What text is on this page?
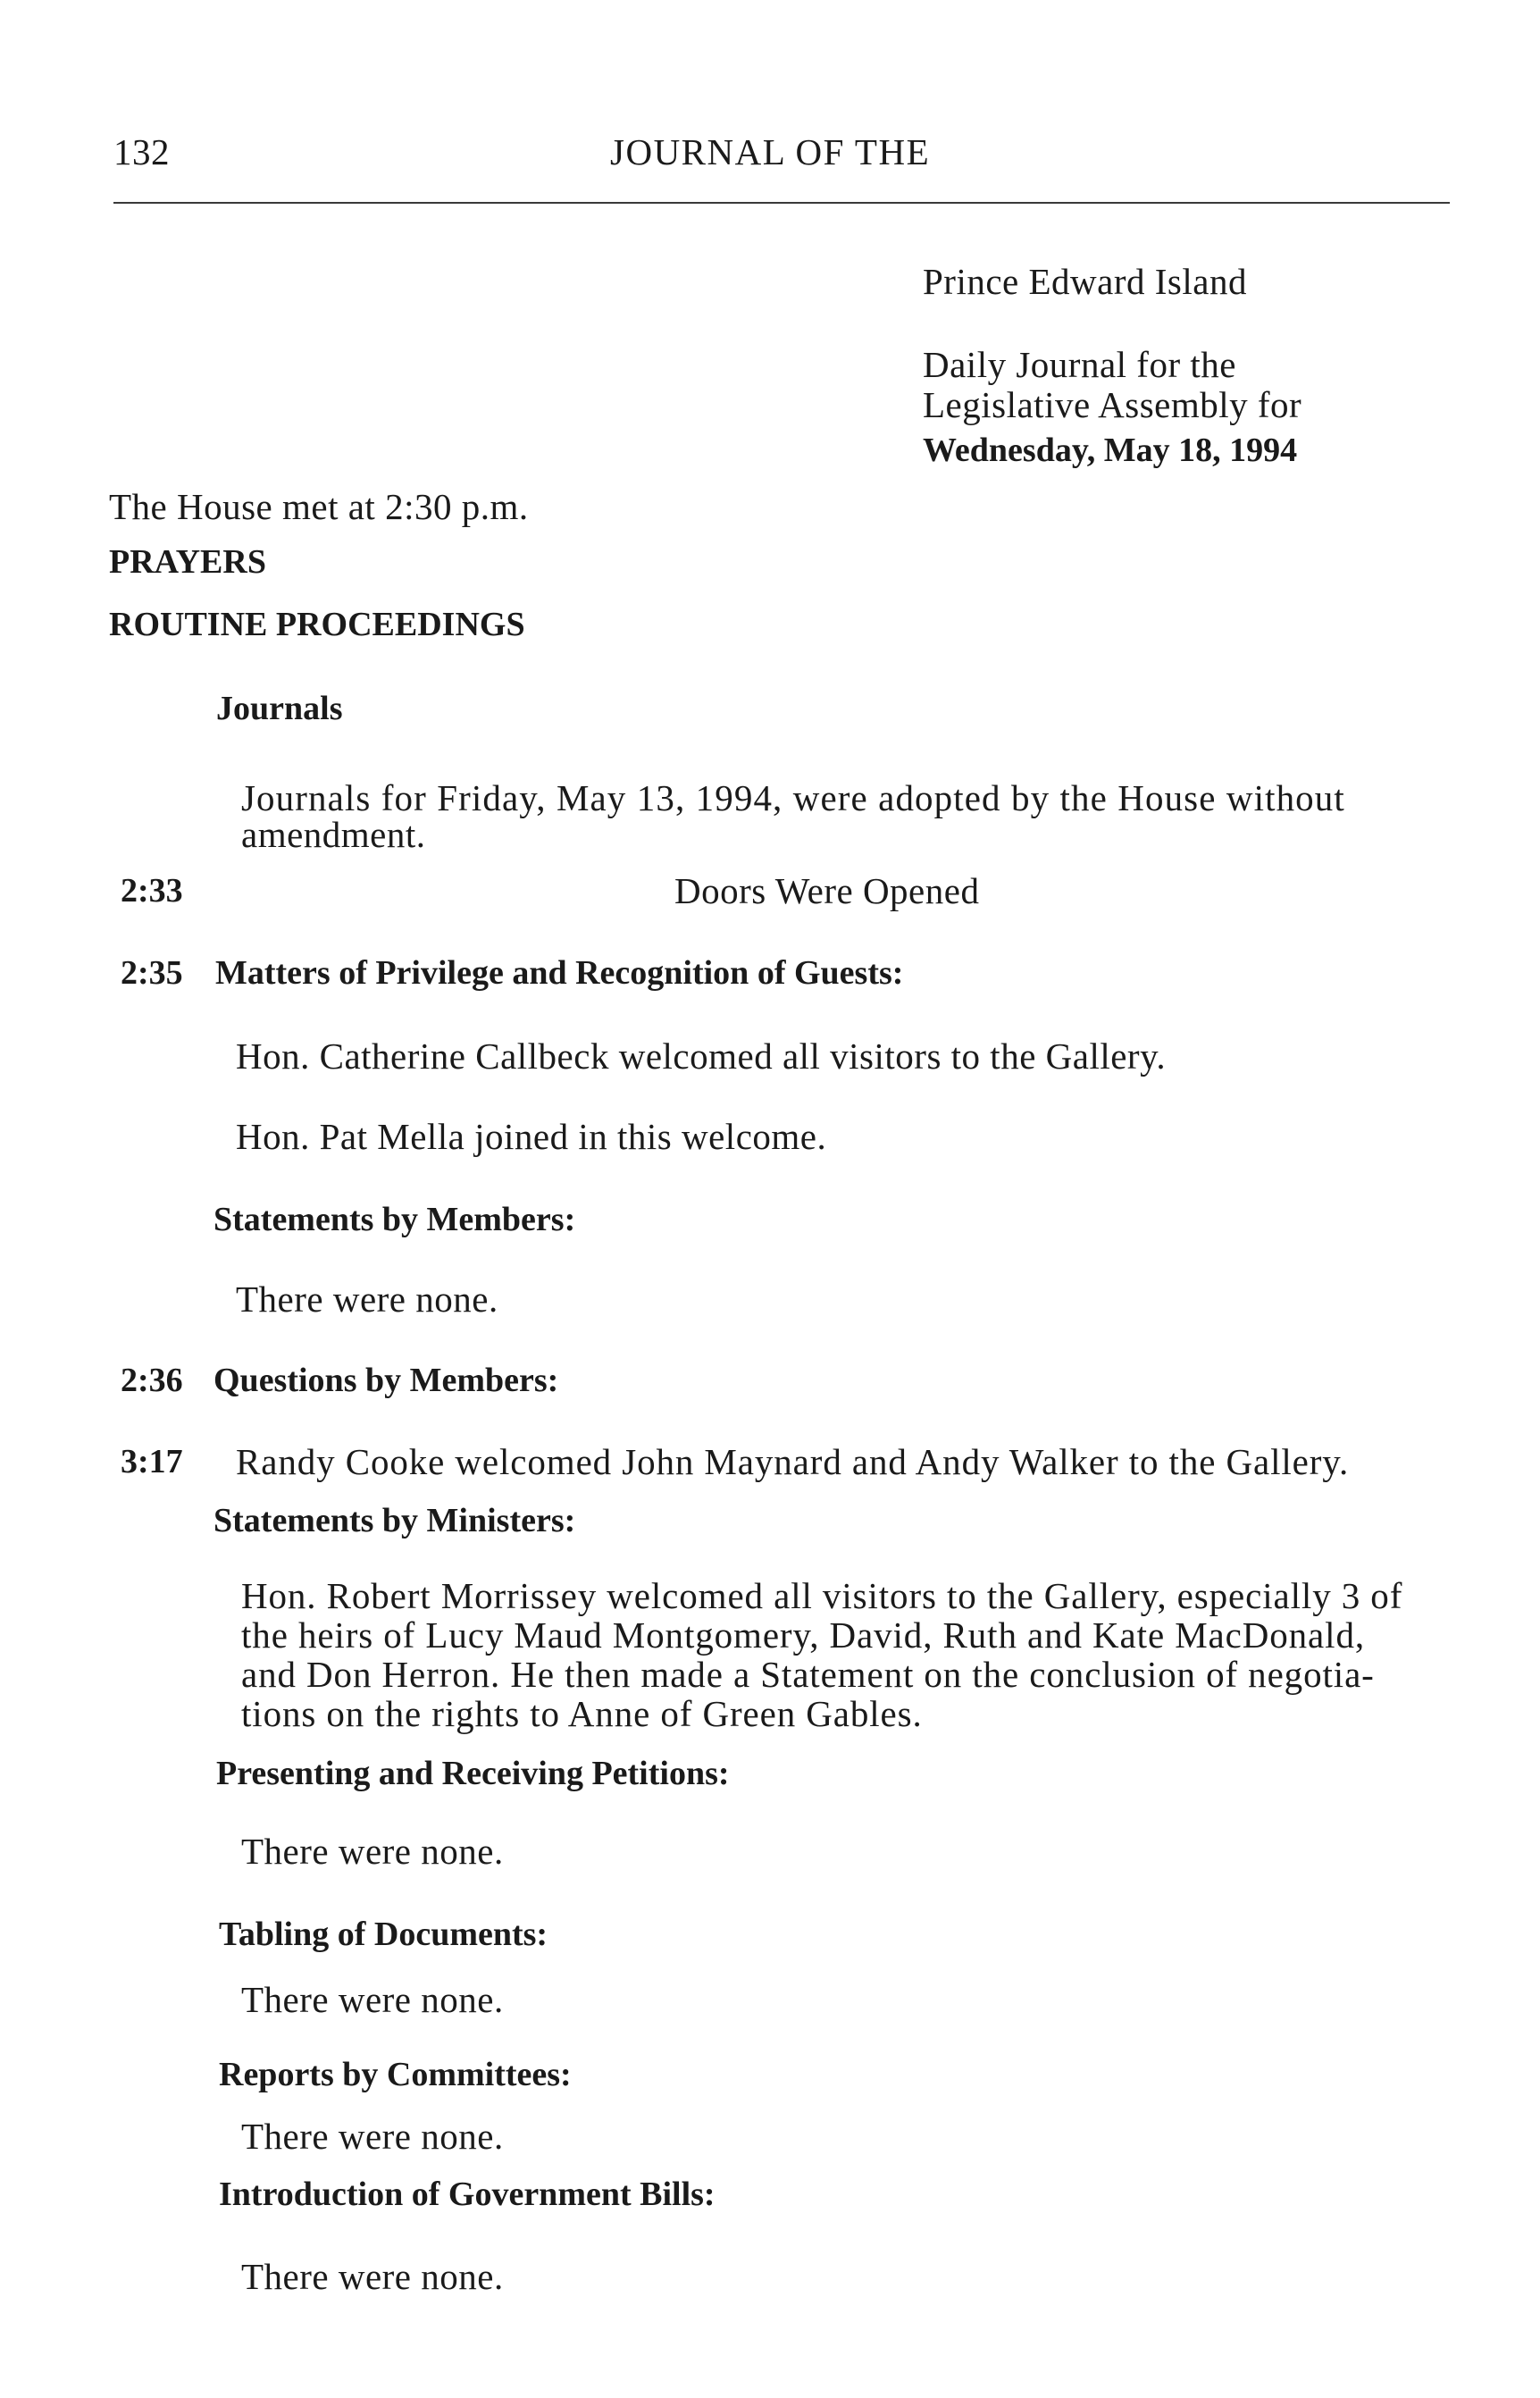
132	JOURNAL OF THE
Prince Edward Island
Daily Journal for the
Legislative Assembly for
Wednesday, May 18, 1994
The House met at 2:30 p.m.
PRAYERS
ROUTINE PROCEEDINGS
Journals
Journals for Friday, May 13, 1994, were adopted by the House without
amendment.
2:33	Doors Were Opened
2:35 Matters of Privilege and Recognition of Guests:
Hon. Catherine Callbeck welcomed all visitors to the Gallery.
Hon. Pat Mella joined in this welcome.
Statements by Members:
There were none.
2:36 Questions by Members:
3:17 Randy Cooke welcomed John Maynard and Andy Walker to the Gallery.
Statements by Ministers:
Hon. Robert Morrissey welcomed all visitors to the Gallery, especially 3 of
the heirs of Lucy Maud Montgomery, David, Ruth and Kate MacDonald,
and Don Herron. He then made a Statement on the conclusion of negotia-
tions on the rights to Anne of Green Gables.
Presenting and Receiving Petitions:
There were none.
Tabling of Documents:
There were none.
Reports by Committees:
There were none.
Introduction of Government Bills:
There were none.
